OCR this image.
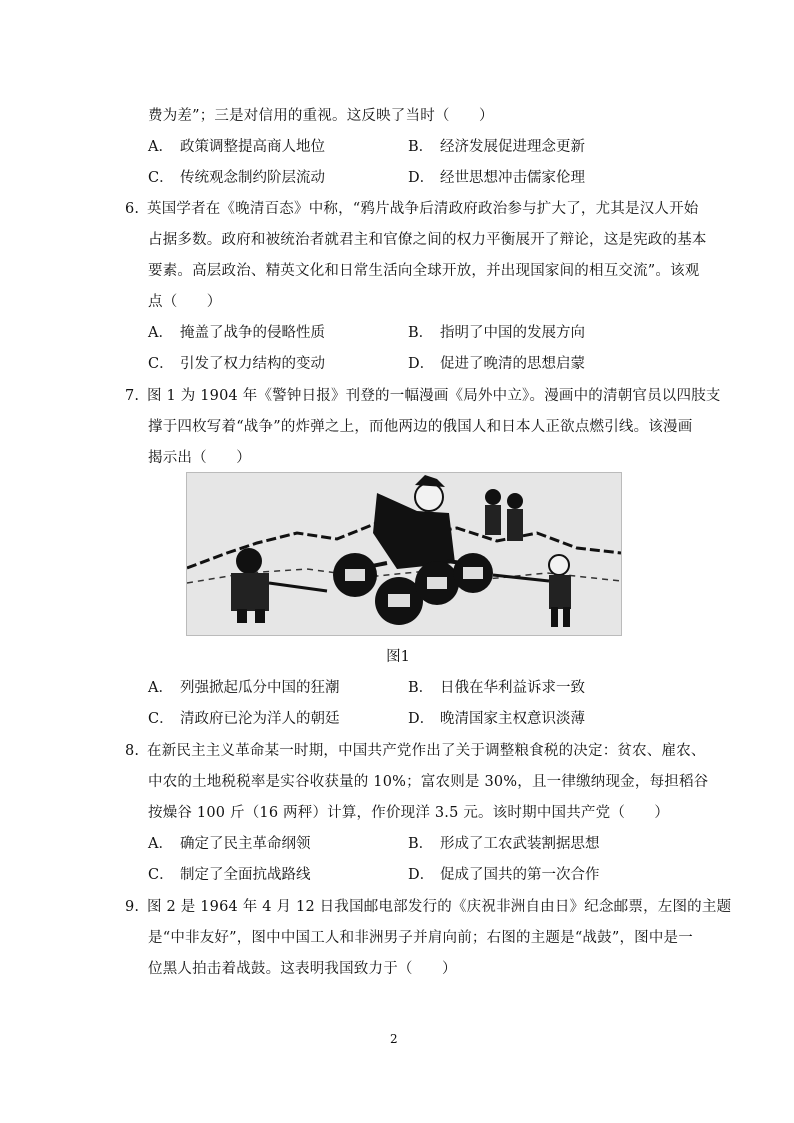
费为差”；三是对信用的重视。这反映了当时（　　）
A． 政策调整提高商人地位	B． 经济发展促进理念更新
C． 传统观念制约阶层流动	D． 经世思想冲击儒家伦理
6. 英国学者在《晚清百态》中称，“鸦片战争后清政府政治参与扩大了，尤其是汉人开始
占据多数。政府和被统治者就君主和官僚之间的权力平衡展开了辩论，这是宪政的基本
要素。高层政治、精英文化和日常生活向全球开放，并出现国家间的相互交流”。该观
点（　　）
A． 掩盖了战争的侵略性质	B． 指明了中国的发展方向
C． 引发了权力结构的变动	D． 促进了晚清的思想启蒙
7. 图 1 为 1904 年《警钟日报》刊登的一幅漫画《局外中立》。漫画中的清朝官员以四肢支
撑于四枚写着“战争”的炸弹之上，而他两边的俄国人和日本人正欲点燃引线。该漫画
揭示出（　　）
图1
A． 列强掀起瓜分中国的狂潮	B． 日俄在华利益诉求一致
C． 清政府已沦为洋人的朝廷	D． 晚清国家主权意识淡薄
8. 在新民主主义革命某一时期，中国共产党作出了关于调整粮食税的决定：贫农、雇农、
中农的土地税税率是实谷收获量的 10%；富农则是 30%，且一律缴纳现金，每担稻谷
按燥谷 100 斤（16 两秤）计算，作价现洋 3.5 元。该时期中国共产党（　　）
A． 确定了民主革命纲领	B． 形成了工农武装割据思想
C． 制定了全面抗战路线	D． 促成了国共的第一次合作
9. 图 2 是 1964 年 4 月 12 日我国邮电部发行的《庆祝非洲自由日》纪念邮票，左图的主题
是“中非友好”，图中中国工人和非洲男子并肩向前；右图的主题是“战鼓”，图中是一
位黑人拍击着战鼓。这表明我国致力于（　　）
2
